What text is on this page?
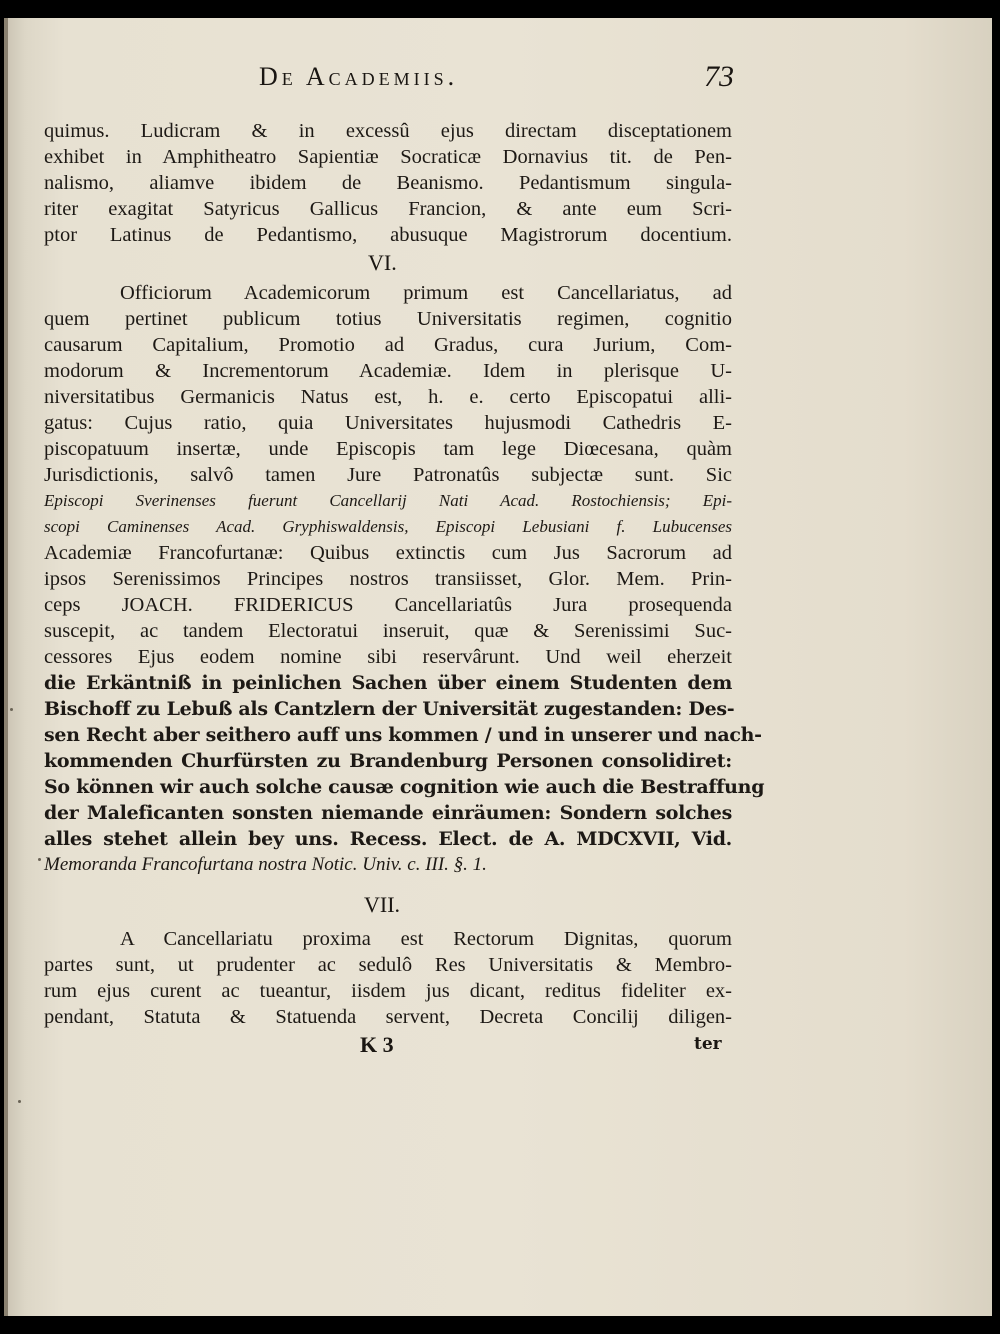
De Academiis.	73
quimus. Ludicram & in excessû ejus directam disceptationem
exhibet in Amphitheatro Sapientiæ Socraticæ Dornavius tit. de Pen-
nalismo, aliamve ibidem de Beanismo. Pedantismum singula-
riter exagitat Satyricus Gallicus Francion, & ante eum Scri-
ptor Latinus de Pedantismo, abusuque Magistrorum docentium.
VI.
Officiorum Academicorum primum est Cancellariatus, ad
quem pertinet publicum totius Universitatis regimen, cognitio
causarum Capitalium, Promotio ad Gradus, cura Jurium, Com-
modorum & Incrementorum Academiæ. Idem in plerisque U-
niversitatibus Germanicis Natus est, h. e. certo Episcopatui alli-
gatus: Cujus ratio, quia Universitates hujusmodi Cathedris E-
piscopatuum insertæ, unde Episcopis tam lege Diœcesana, quàm
Jurisdictionis, salvô tamen Jure Patronatûs subjectæ sunt. Sic
Episcopi Sverinenses fuerunt Cancellarij Nati Acad. Rostochiensis; Epi-
scopi Caminenses Acad. Gryphiswaldensis, Episcopi Lebusiani f. Lubucenses
Academiæ Francofurtanæ: Quibus extinctis cum Jus Sacrorum ad
ipsos Serenissimos Principes nostros transiisset, Glor. Mem. Prin-
ceps JOACH. FRIDERICUS Cancellariatûs Jura prosequenda
suscepit, ac tandem Electoratui inseruit, quæ & Serenissimi Suc-
cessores Ejus eodem nomine sibi reservârunt. Und weil eherzeit
die Erkäntniß in peinlichen Sachen über einem Studenten dem
Bischoff zu Lebuß als Cantzlern der Universität zugestanden: Des-
sen Recht aber seithero auff uns kommen / und in unserer und nach-
kommenden Churfürsten zu Brandenburg Personen consolidiret:
So können wir auch solche causæ cognition wie auch die Bestraffung
der Maleficanten sonsten niemande einräumen: Sondern solches
alles stehet allein bey uns. Recess. Elect. de A. MDCXVII, Vid.
Memoranda Francofurtana nostra Notic. Univ. c. III. §. 1.
VII.
A Cancellariatu proxima est Rectorum Dignitas, quorum
partes sunt, ut prudenter ac sedulô Res Universitatis & Membro-
rum ejus curent ac tueantur, iisdem jus dicant, reditus fideliter ex-
pendant, Statuta & Statuenda servent, Decreta Concilij diligen-
K 3	ter
